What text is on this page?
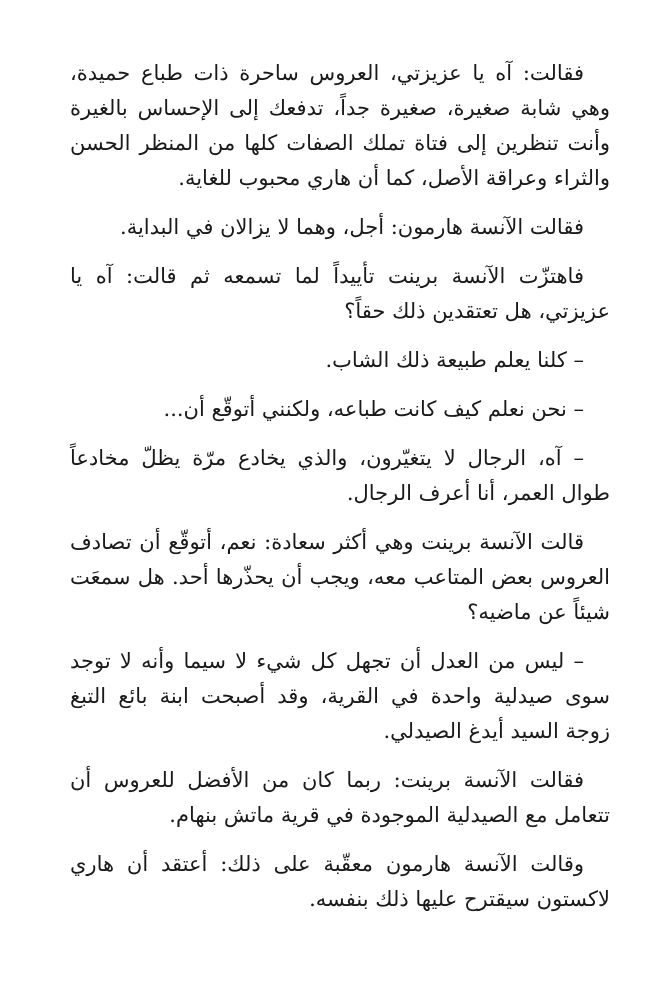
فقالت: آه يا عزيزتي، العروس ساحرة ذات طباع حميدة، وهي شابة صغيرة، صغيرة جداً، تدفعك إلى الإحساس بالغيرة وأنت تنظرين إلى فتاة تملك الصفات كلها من المنظر الحسن والثراء وعراقة الأصل، كما أن هاري محبوب للغاية.

فقالت الآنسة هارمون: أجل، وهما لا يزالان في البداية.

فاهتزّت الآنسة برينت تأييداً لما تسمعه ثم قالت: آه يا عزيزتي، هل تعتقدين ذلك حقاً؟

– كلنا يعلم طبيعة ذلك الشاب.

– نحن نعلم كيف كانت طباعه، ولكنني أتوقّع أن...

– آه، الرجال لا يتغيّرون، والذي يخادع مرّة يظلّ مخادعاً طوال العمر، أنا أعرف الرجال.

قالت الآنسة برينت وهي أكثر سعادة: نعم، أتوقّع أن تصادف العروس بعض المتاعب معه، ويجب أن يحذّرها أحد. هل سمعَت شيئاً عن ماضيه؟

– ليس من العدل أن تجهل كل شيء لا سيما وأنه لا توجد سوى صيدلية واحدة في القرية، وقد أصبحت ابنة بائع التبغ زوجة السيد أيدغ الصيدلي.

فقالت الآنسة برينت: ربما كان من الأفضل للعروس أن تتعامل مع الصيدلية الموجودة في قرية ماتش بنهام.

وقالت الآنسة هارمون معقّبة على ذلك: أعتقد أن هاري لاكستون سيقترح عليها ذلك بنفسه.
